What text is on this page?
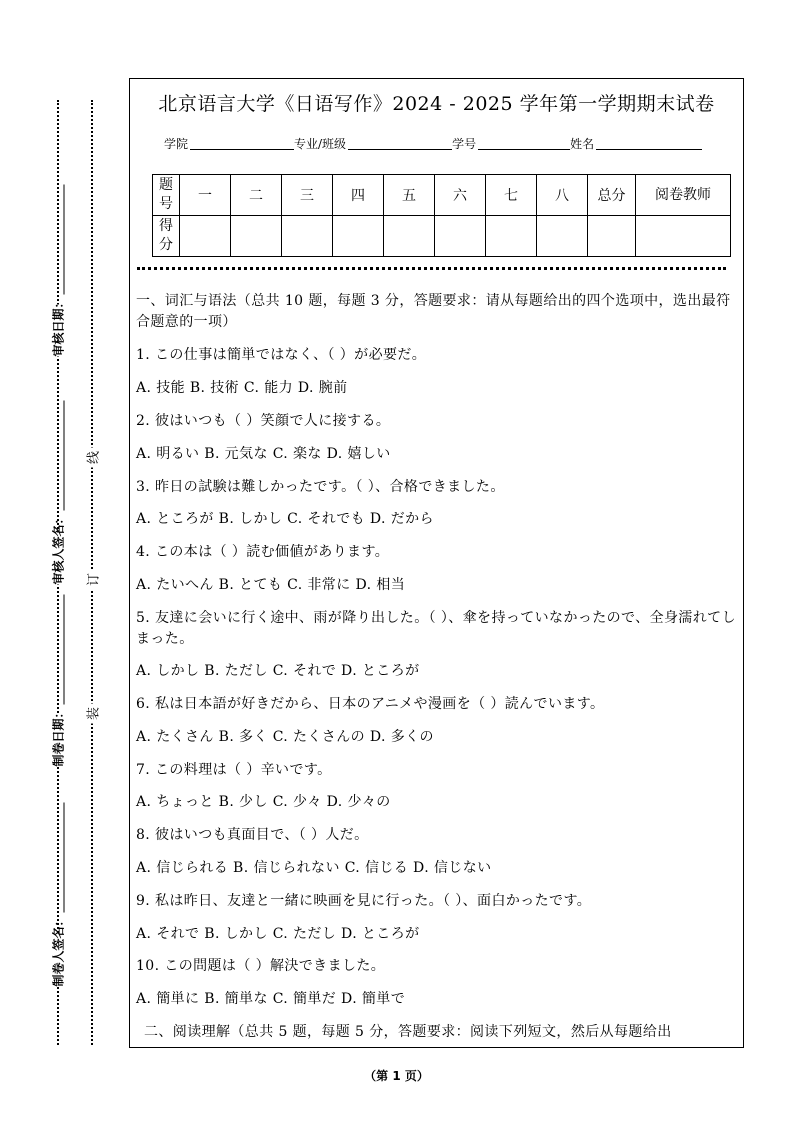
审核日期：
审核人签名：
制卷日期：
制卷人签名：
线
订
装
北京语言大学《日语写作》2024 - 2025 学年第一学期期末试卷
学院	专业/班级	学号	姓名
题号	一	二	三	四	五	六	七	八	总分	阅卷教师
得分										

一、词汇与语法（总共 10 题，每题 3 分，答题要求：请从每题给出的四个选项中，选出最符合题意的一项）

1. この仕事は簡単ではなく、（ ）が必要だ。

A. 技能 B. 技術 C. 能力 D. 腕前

2. 彼はいつも（ ）笑顔で人に接する。

A. 明るい B. 元気な C. 楽な D. 嬉しい

3. 昨日の試験は難しかったです。（ ）、合格できました。

A. ところが B. しかし C. それでも D. だから

4. この本は（ ）読む価値があります。

A. たいへん B. とても C. 非常に D. 相当

5. 友達に会いに行く途中、雨が降り出した。（ ）、傘を持っていなかったので、全身濡れてしまった。

A. しかし B. ただし C. それで D. ところが

6. 私は日本語が好きだから、日本のアニメや漫画を（ ）読んでいます。

A. たくさん B. 多く C. たくさんの D. 多くの

7. この料理は（ ）辛いです。

A. ちょっと B. 少し C. 少々 D. 少々の

8. 彼はいつも真面目で、（ ）人だ。

A. 信じられる B. 信じられない C. 信じる D. 信じない

9. 私は昨日、友達と一緒に映画を見に行った。（ ）、面白かったです。

A. それで B. しかし C. ただし D. ところが

10. この問題は（ ）解決できました。

A. 簡単に B. 簡単な C. 簡単だ D. 簡単で

二、阅读理解（总共 5 题，每题 5 分，答题要求：阅读下列短文，然后从每题给出

（第 1 页）
